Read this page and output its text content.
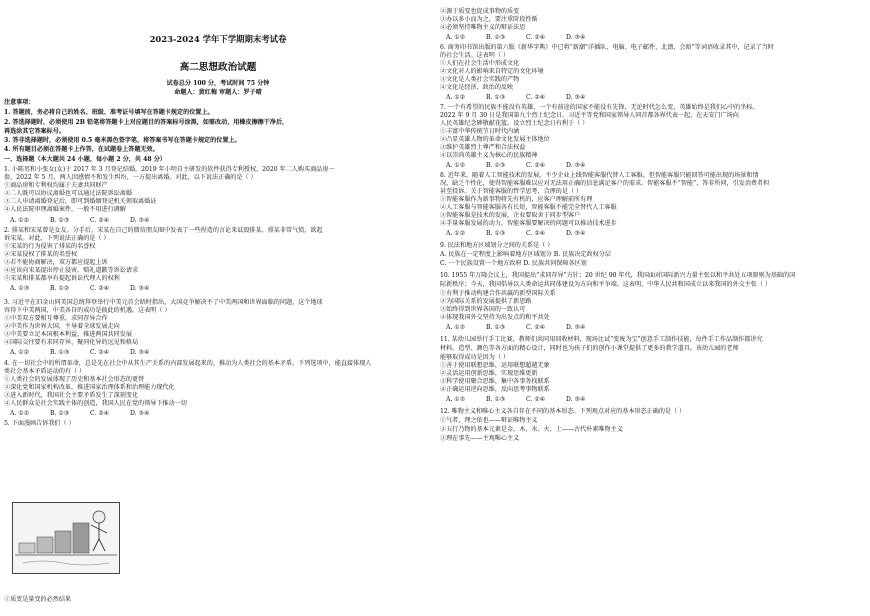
2023-2024 学年下学期期末考试卷
高二思想政治试题
试卷总分 100 分，考试时间 75 分钟
命题人：黄红梅 审题人：罗子晴
注意事项：
1. 答题前，务必将自己的姓名、班级、准考证号填写在答题卡规定的位置上。
2. 答选择题时，必须使用 2B 铅笔将答题卡上对应题目的答案标号涂黑，如需改动，用橡皮擦擦干净后，
再选涂其它答案标号。
3. 答非选择题时，必须使用 0.5 毫米黑色签字笔，将答案书写在答题卡规定的位置上。
4. 所有题目必须在答题卡上作答，在试题卷上答题无效。
一、选择题（本大题共 24 小题，每小题 2 分，共 48 分）
1. 小陈男和小张女(女)于 2017 年 3 月登记结婚，2019 年小明自主研发的软件获得专利授权，2020 年二人购买商品房一
套，2022 年 5 月，两人因感情不和发生纠纷，一方提出离婚。对此，以下说法正确的是（ ）
①商品房和专利权均属于夫妻共同财产
②二人既可以协议离婚也可以通过法院诉讼离婚
③二人申请离婚登记后，即可到婚姻登记机关领取离婚证
④人民法院审理离婚案件，一般不用进行调解
A. ①②	B. ①③	C. ②④	D. ③④
2. 排某和宋某曾是女友。分手后，宋某在自己的微信朋友圈中发表了一些捏造的言论来诋毁排某。排某非常气愤，欲起
诉宋某。对此，下列说法正确的是（ ）
①宋某的行为侵害了排某的名誉权
②宋某侵权了排某的名誉权
③若不能协商解决，双方都应提起上诉
④应该向宋某提出停止侵害、赔礼道歉等诉讼请求
⑤宋某和排某都享有提起诉讼代理人的权利
A. ①③	B. ①②	C. ②④	D. ③④
3. 习近平在旧金山同美国总统拜登举行中美元首会晤时指出，大国竞争解决不了中美两国和世界面临的问题，这个地球
容得下中美两国，中美各自的成功是彼此的机遇。这表明（ ）
①中美双方要相互尊重，求同存异合作
②中美作为世界大国，主导着全球发展走向
③中美要立足本国根本利益，推进两国共同发展
④国际交往要有求同存异、聚同化异的远见和格局
A. ①②	B. ①③	C. ②④	D. ③④
4. 在一切社会中的所谓革命，总是先在社会中从其生产关系的内部发展起来的，推动为人类社会的基本矛盾。下列选项中，能直接体现人
类社会基本矛盾运动的有（ ）
①人类社会的发展体现了历史和基本社会形态的更替
②深化党和国家机构改革，推进国家治理体系和治理能力现代化
③进入新时代，我国社会主要矛盾发生了深刻变化
④人民群众是社会实践主体的创造，我国人民在党的领导下推动一切
A. ①②	B. ①③	C. ②④	D. ③④
5. 下面漫画告诉我们（ ）
①质变是量变的必然结果
②源于质变也促成事物的质变
③办以多小而为之，要注重阶段性渐
④必须坚持唯物主义的辩证法思
A. ①②	B. ①③	C. ②④	D. ③④
6. 商务印书馆出版的第六版《新华字典》中已将“新潮”洋插队、电脑、电子邮件、北漂、会晤”等词语收录其中，记录了当时
的社会生活。这表明（ ）
①人们在社会生活中形成文化
②文化对人的影响来自特定的文化环境
③文化是人类社会实践的产物
④文化是经济、政治的反映
A. ①②	B. ①③	C. ②④	D. ③④
7. 一个有希望的民族不能没有英雄，一个有前途的国家不能没有先锋，无论时代怎么变，英雄始终是我们心中的坐标。
2022 年 9 月 30 日是我国第九个烈士纪念日，习近平等党和国家领导人同首都各界代表一起，在天安门广场向
人民英雄纪念碑敬献花篮。设立烈士纪念日有利于（ ）
①丰富中华传统节日时代内涵
②凸显英雄人物的革命文化发展主体地位
③维护英雄烈士尊严和合法权益
④以崇尚英雄主义为核心的民族精神
A. ①②	B. ①③	C. ②④	D. ③④
8. 近年来，随着人工智能技术的发展，不少企业上线智能客服代替人工客服。但智能客服只能回答可能出现的场景和情
况，缺乏个性化，使得智能客服难以应对无法用正确的信息满足客户的需求。智能客服不“智能”，答非所问，引发消费者担
甚至投诉。关于智能客服的哲学思考，合理的是（ ）
①智能客服作为新事物将先有机的，应客户理解前所有理
②人工客服与智能客服各有长短，智能客服不能完全替代人工客服
③智能客服是技术的发展，企业要取舍于同步型客户
④手量客服发展的动力，智能客服要解决的问题可以推动技术进步
A. ①②	B. ①③	C. ②④	D. ③④
9. 民法和地方区域划分之间的关系是（ ）
A. 民族在一定程度上影响着地方区域划分 B. 民族决定政权分层
C. 一个民族设置一个地方政府 D. 民族共同保障各区划
10. 1955 年万隆会议上，我国提出“求同存异”方针；20 世纪 90 年代，我国面对国际新兴力量主张以和平共处五项原则为基础的国
际新秩序；今天，我国倡导以人类命运共同体建设为方向和平争端。这表明，中华人民共和国成立以来我国的外交主张（ ）
①有利于推动构建合作共赢的新型国际关系
②为国际关系的发展提供了新思路
③始终得到世界各国的一致认可
④体现我国外交坚持为出发点的和平共处
A. ①②	B. ①③	C. ②④	D. ③④
11. 某幼儿园举行手工比赛，教师们共同用回收材料，现场比试“变废为宝”创意手工制作技能，每件手工作品制作都讲究
材料、造型、颜色等各方面的精心设计，同时也为孩子们的创作小课堂提供了更多的教学道具。该幼儿园的老师
能够取得成功是因为（ ）
①善于使用联想思维，运用联想超越无象
②灵活运用创新思维，实现思维更新
③科学使用聚合思维，集中各事务找联系
④正确运用逆向思维，反向思考事物联系
A. ①②	B. ①③	C. ②④	D. ③④
12. 唯物主义和唯心主义各自存在不同的基本形态。下列观点对应的基本形态正确的是（ ）
①气者，理之依也——辩证唯物主义
②五行乃物的基本元素是金、木、水、火、土——古代朴素唯物主义
③理在事先——主观唯心主义
